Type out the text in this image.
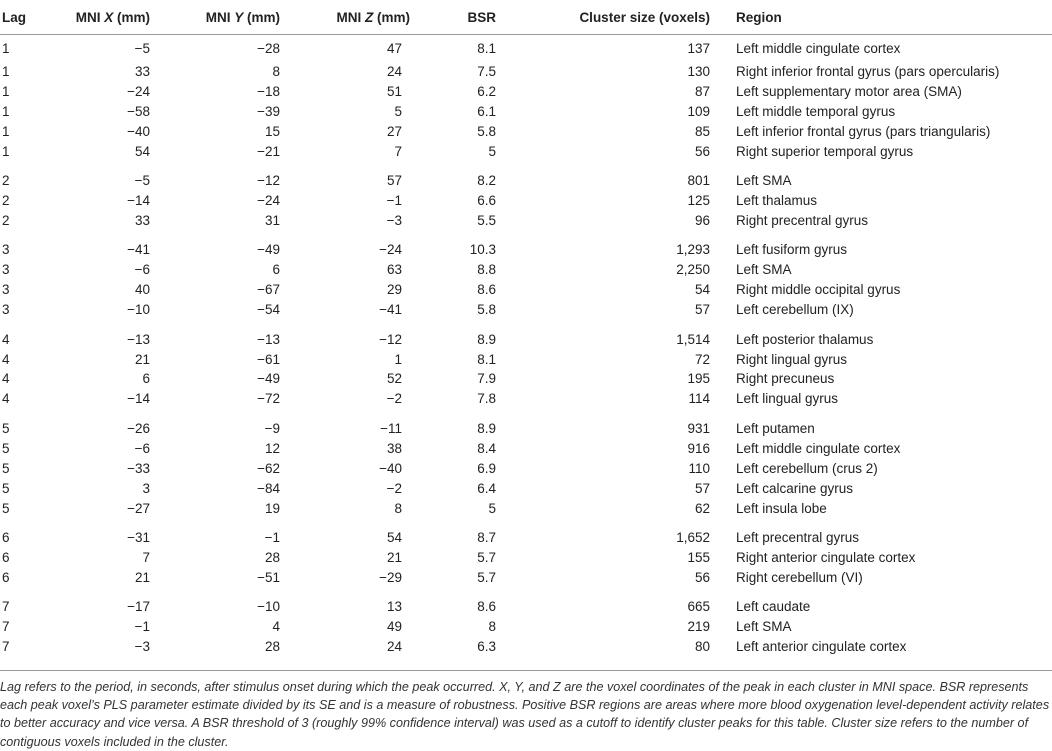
Lag	MNI X (mm)	MNI Y (mm)	MNI Z (mm)	BSR	Cluster size (voxels)	Region
1	−5	−28	47	8.1	137	Left middle cingulate cortex
1	33	8	24	7.5	130	Right inferior frontal gyrus (pars opercularis)
1	−24	−18	51	6.2	87	Left supplementary motor area (SMA)
1	−58	−39	5	6.1	109	Left middle temporal gyrus
1	−40	15	27	5.8	85	Left inferior frontal gyrus (pars triangularis)
1	54	−21	7	5	56	Right superior temporal gyrus

2	−5	−12	57	8.2	801	Left SMA
2	−14	−24	−1	6.6	125	Left thalamus
2	33	31	−3	5.5	96	Right precentral gyrus

3	−41	−49	−24	10.3	1,293	Left fusiform gyrus
3	−6	6	63	8.8	2,250	Left SMA
3	40	−67	29	8.6	54	Right middle occipital gyrus
3	−10	−54	−41	5.8	57	Left cerebellum (IX)

4	−13	−13	−12	8.9	1,514	Left posterior thalamus
4	21	−61	1	8.1	72	Right lingual gyrus
4	6	−49	52	7.9	195	Right precuneus
4	−14	−72	−2	7.8	114	Left lingual gyrus

5	−26	−9	−11	8.9	931	Left putamen
5	−6	12	38	8.4	916	Left middle cingulate cortex
5	−33	−62	−40	6.9	110	Left cerebellum (crus 2)
5	3	−84	−2	6.4	57	Left calcarine gyrus
5	−27	19	8	5	62	Left insula lobe

6	−31	−1	54	8.7	1,652	Left precentral gyrus
6	7	28	21	5.7	155	Right anterior cingulate cortex
6	21	−51	−29	5.7	56	Right cerebellum (VI)

7	−17	−10	13	8.6	665	Left caudate
7	−1	4	49	8	219	Left SMA
7	−3	28	24	6.3	80	Left anterior cingulate cortex

Lag refers to the period, in seconds, after stimulus onset during which the peak occurred. X, Y, and Z are the voxel coordinates of the peak in each cluster in MNI space. BSR represents each peak voxel’s PLS parameter estimate divided by its SE and is a measure of robustness. Positive BSR regions are areas where more blood oxygenation level-dependent activity relates to better accuracy and vice versa. A BSR threshold of 3 (roughly 99% confidence interval) was used as a cutoff to identify cluster peaks for this table. Cluster size refers to the number of contiguous voxels included in the cluster.
